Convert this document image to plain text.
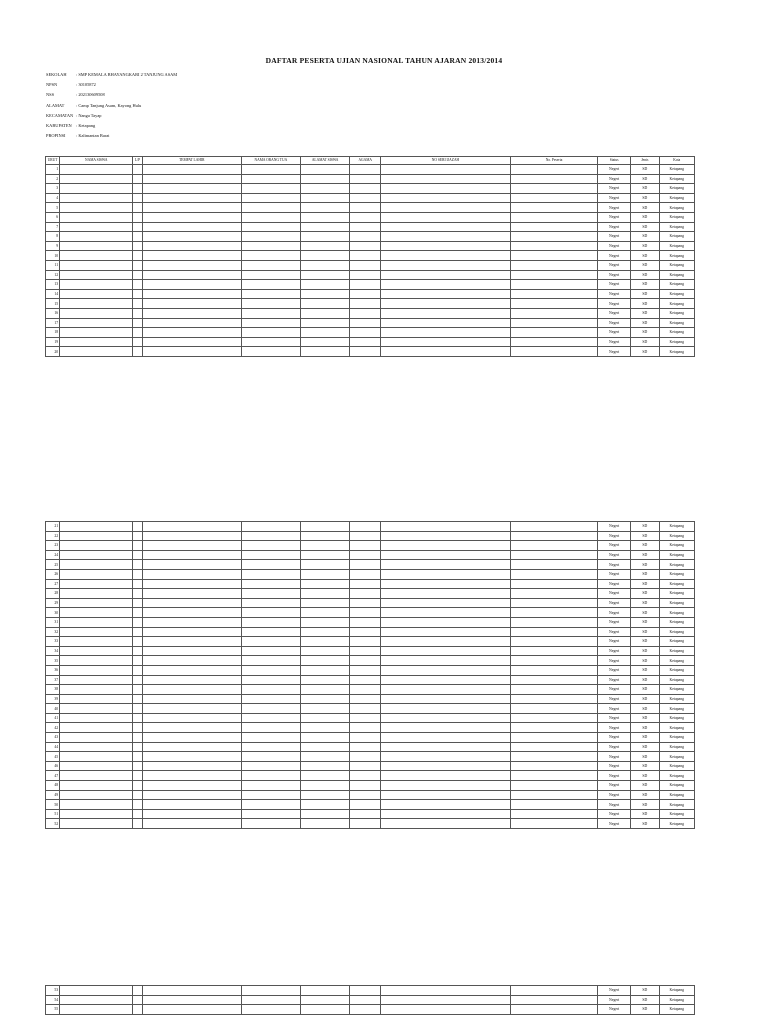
DAFTAR PESERTA UJIAN NASIONAL TAHUN AJARAN 2013/2014
SEKOLAH	: SMP KEMALA BHAYANGKARI 2 TANJUNG ASAM
NPSN	: 30105872
NSS	: 202130609508
ALAMAT	: Camp Tanjung Asam, Kayong Hulu
KECAMATAN : Nanga Tayap
KABUPATEN : Ketapang
PROPINSI	: Kalimantan Barat
URUT	NAMA SISWA	L/P	TEMPAT LAHIR	NAMA ORANG TUA	ALAMAT SISWA	AGAMA	NO SERI IJAZAH	No. Peserta	Status	Jenis	Kota
1									Negeri	SD	Ketapang
2									Negeri	SD	Ketapang
3									Negeri	SD	Ketapang
4									Negeri	SD	Ketapang
5									Negeri	SD	Ketapang
6									Negeri	SD	Ketapang
7									Negeri	SD	Ketapang
8									Negeri	SD	Ketapang
9									Negeri	SD	Ketapang
10									Negeri	SD	Ketapang
11									Negeri	SD	Ketapang
12									Negeri	SD	Ketapang
13									Negeri	SD	Ketapang
14									Negeri	SD	Ketapang
15									Negeri	SD	Ketapang
16									Negeri	SD	Ketapang
17									Negeri	SD	Ketapang
18									Negeri	SD	Ketapang
19									Negeri	SD	Ketapang
20									Negeri	SD	Ketapang
21									Negeri	SD	Ketapang
22									Negeri	SD	Ketapang
23									Negeri	SD	Ketapang
24									Negeri	SD	Ketapang
25									Negeri	SD	Ketapang
26									Negeri	SD	Ketapang
27									Negeri	SD	Ketapang
28									Negeri	SD	Ketapang
29									Negeri	SD	Ketapang
30									Negeri	SD	Ketapang
31									Negeri	SD	Ketapang
32									Negeri	SD	Ketapang
33									Negeri	SD	Ketapang
34									Negeri	SD	Ketapang
35									Negeri	SD	Ketapang
36									Negeri	SD	Ketapang
37									Negeri	SD	Ketapang
38									Negeri	SD	Ketapang
39									Negeri	SD	Ketapang
40									Negeri	SD	Ketapang
41									Negeri	SD	Ketapang
42									Negeri	SD	Ketapang
43									Negeri	SD	Ketapang
44									Negeri	SD	Ketapang
45									Negeri	SD	Ketapang
46									Negeri	SD	Ketapang
47									Negeri	SD	Ketapang
48									Negeri	SD	Ketapang
49									Negeri	SD	Ketapang
50									Negeri	SD	Ketapang
51									Negeri	SD	Ketapang
52									Negeri	SD	Ketapang
53									Negeri	SD	Ketapang
54									Negeri	SD	Ketapang
55									Negeri	SD	Ketapang
